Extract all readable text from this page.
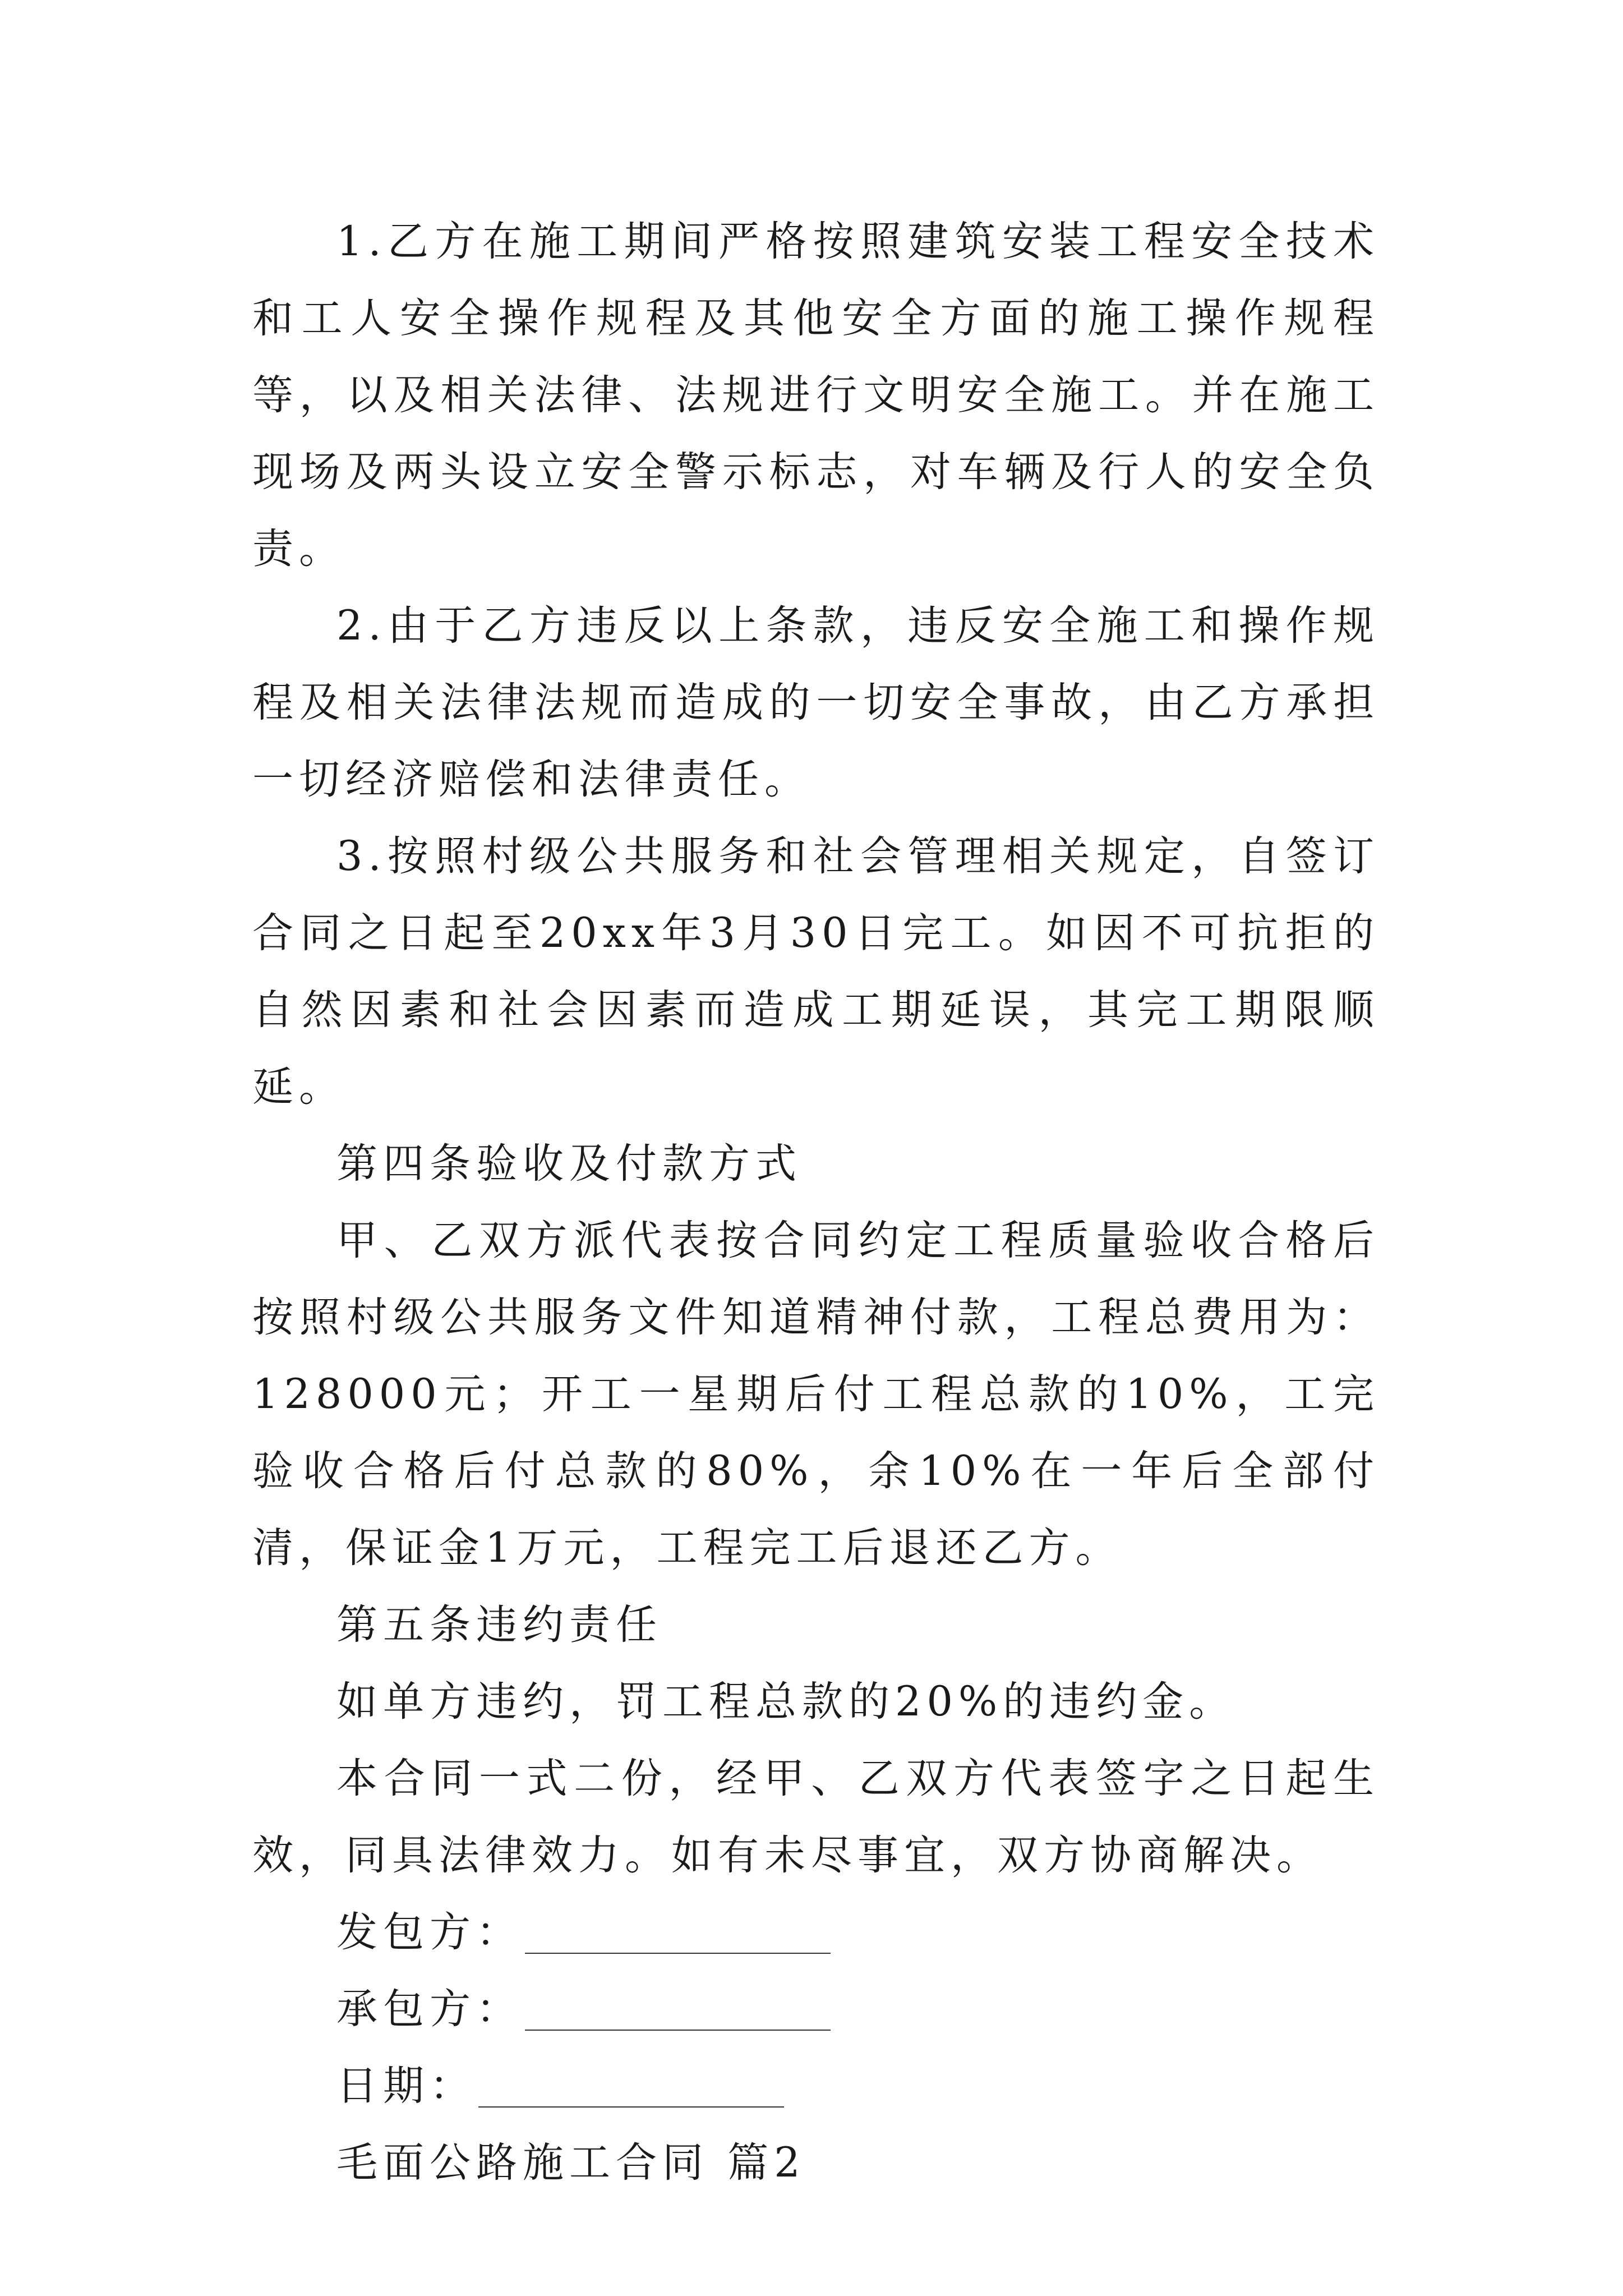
1.乙方在施工期间严格按照建筑安装工程安全技术和工人安全操作规程及其他安全方面的施工操作规程等，以及相关法律、法规进行文明安全施工。并在施工现场及两头设立安全警示标志，对车辆及行人的安全负责。

2.由于乙方违反以上条款，违反安全施工和操作规程及相关法律法规而造成的一切安全事故，由乙方承担一切经济赔偿和法律责任。

3.按照村级公共服务和社会管理相关规定，自签订合同之日起至20xx年3月30日完工。如因不可抗拒的自然因素和社会因素而造成工期延误，其完工期限顺延。

第四条验收及付款方式

甲、乙双方派代表按合同约定工程质量验收合格后按照村级公共服务文件知道精神付款，工程总费用为：128000元；开工一星期后付工程总款的10%，工完验收合格后付总款的80%，余10%在一年后全部付清，保证金1万元，工程完工后退还乙方。

第五条违约责任

如单方违约，罚工程总款的20%的违约金。

本合同一式二份，经甲、乙双方代表签字之日起生效，同具法律效力。如有未尽事宜，双方协商解决。

发包方：
承包方：
日期：

毛面公路施工合同 篇2
